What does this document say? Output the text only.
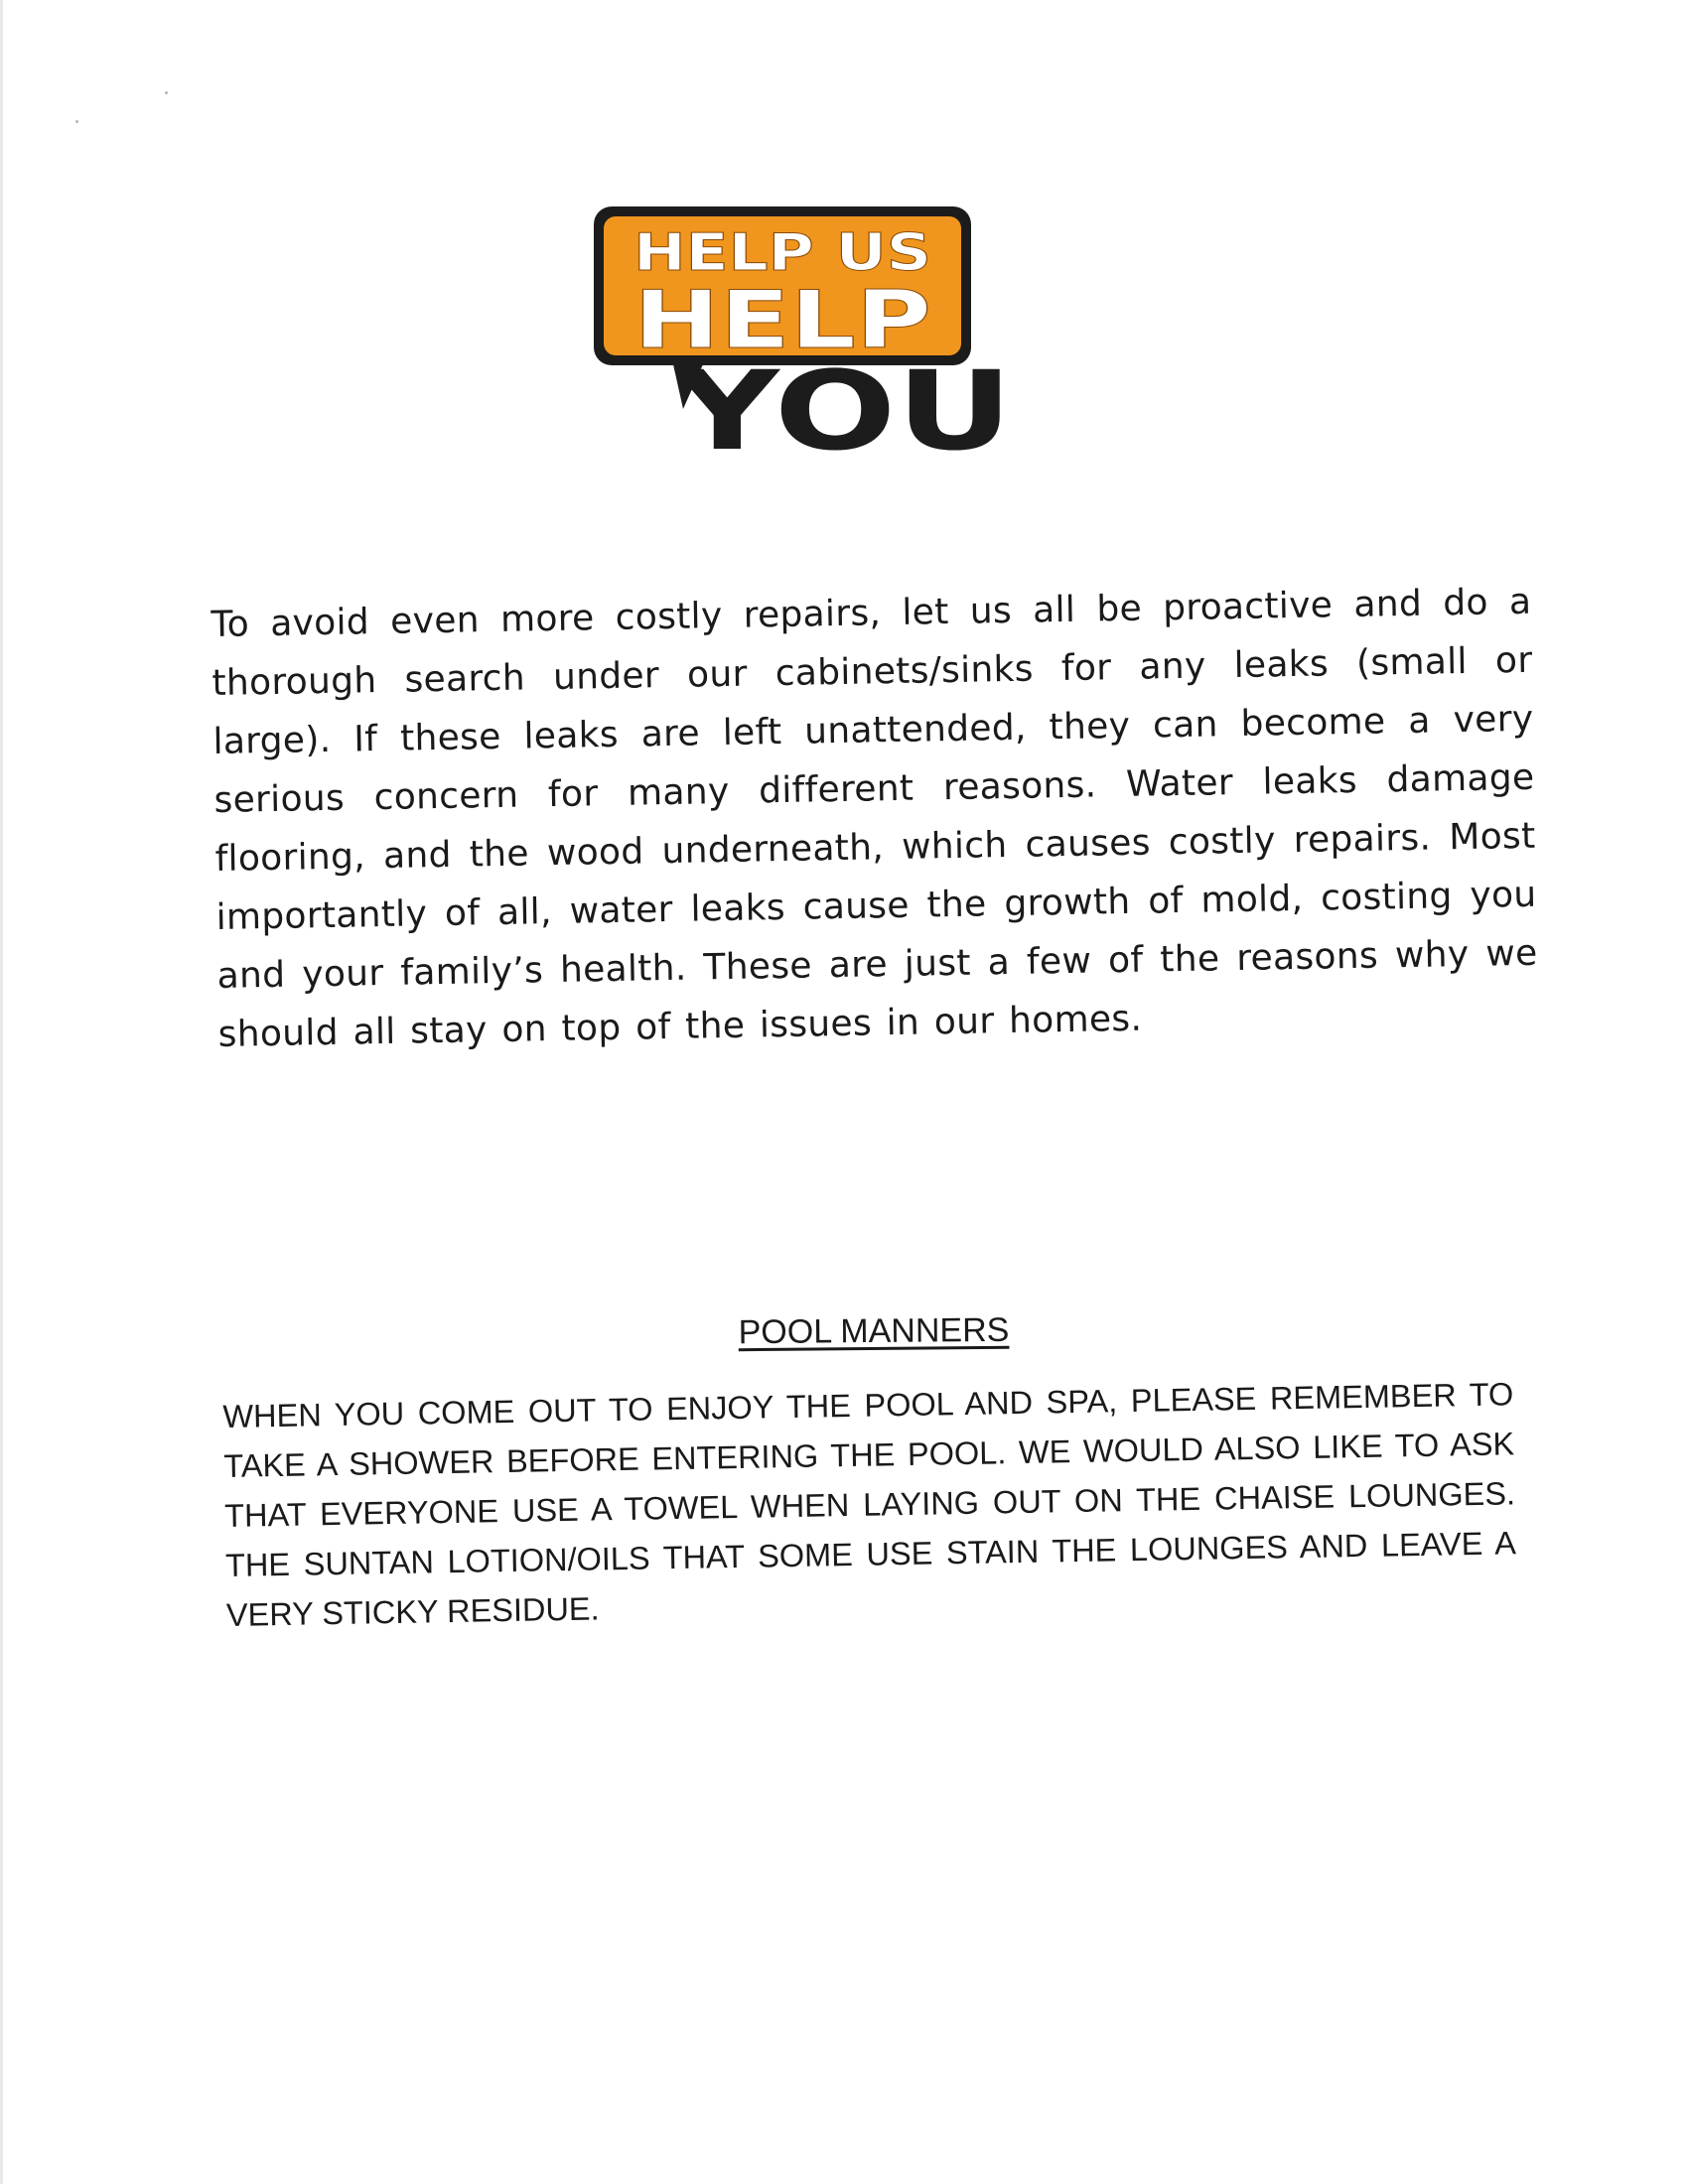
HELP US
HELP
YOU

To avoid even more costly repairs, let us all be proactive and do a thorough search under our cabinets/sinks for any leaks (small or large). If these leaks are left unattended, they can become a very serious concern for many different reasons. Water leaks damage flooring, and the wood underneath, which causes costly repairs. Most importantly of all, water leaks cause the growth of mold, costing you and your family’s health. These are just a few of the reasons why we should all stay on top of the issues in our homes.

POOL MANNERS

WHEN YOU COME OUT TO ENJOY THE POOL AND SPA, PLEASE REMEMBER TO TAKE A SHOWER BEFORE ENTERING THE POOL. WE WOULD ALSO LIKE TO ASK THAT EVERYONE USE A TOWEL WHEN LAYING OUT ON THE CHAISE LOUNGES. THE SUNTAN LOTION/OILS THAT SOME USE STAIN THE LOUNGES AND LEAVE A VERY STICKY RESIDUE.
